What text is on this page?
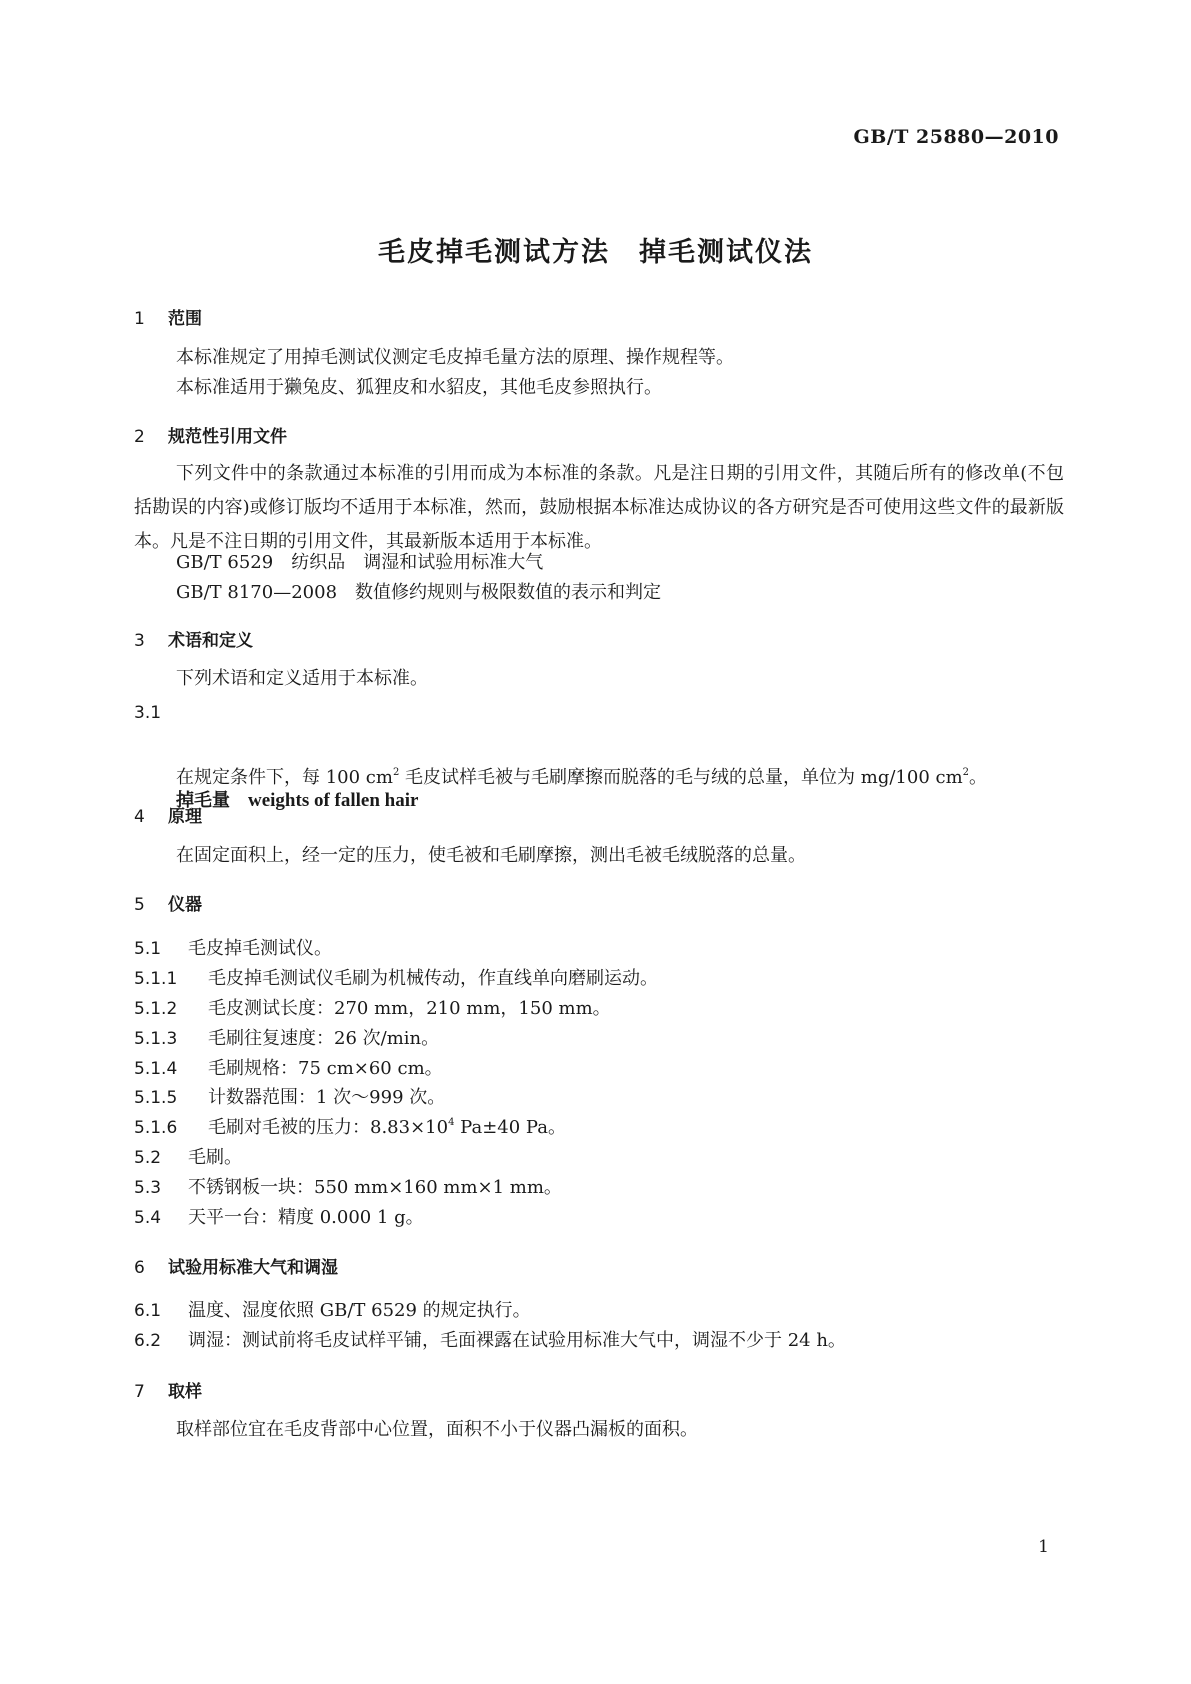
GB/T 25880—2010
毛皮掉毛测试方法　掉毛测试仪法
1 范围
本标准规定了用掉毛测试仪测定毛皮掉毛量方法的原理、操作规程等。
本标准适用于獭兔皮、狐狸皮和水貂皮，其他毛皮参照执行。
2 规范性引用文件
下列文件中的条款通过本标准的引用而成为本标准的条款。凡是注日期的引用文件，其随后所有的修改单(不包括勘误的内容)或修订版均不适用于本标准，然而，鼓励根据本标准达成协议的各方研究是否可使用这些文件的最新版本。凡是不注日期的引用文件，其最新版本适用于本标准。
GB/T 6529　纺织品　调湿和试验用标准大气
GB/T 8170—2008　数值修约规则与极限数值的表示和判定
3 术语和定义
下列术语和定义适用于本标准。
3.1
掉毛量　 weights of fallen hair
在规定条件下，每 100 $cm^2$ 毛皮试样毛被与毛刷摩擦而脱落的毛与绒的总量，单位为 mg/100 $cm^2$。
4 原理
在固定面积上，经一定的压力，使毛被和毛刷摩擦，测出毛被毛绒脱落的总量。
5 仪器
5.1 毛皮掉毛测试仪。
5.1.1 毛皮掉毛测试仪毛刷为机械传动，作直线单向磨刷运动。
5.1.2 毛皮测试长度：270 mm，210 mm，150 mm。
5.1.3 毛刷往复速度：26 次/min。
5.1.4 毛刷规格：75 cm×60 cm。
5.1.5 计数器范围：1 次～999 次。
5.1.6 毛刷对毛被的压力：$8.83\times 10^4$ Pa±40 Pa。
5.2 毛刷。
5.3 不锈钢板一块：550 mm×160 mm×1 mm。
5.4 天平一台：精度 0.000 1 g。
6 试验用标准大气和调湿
6.1 温度、湿度依照 GB/T 6529 的规定执行。
6.2 调湿：测试前将毛皮试样平铺，毛面裸露在试验用标准大气中，调湿不少于 24 h。
7 取样
取样部位宜在毛皮背部中心位置，面积不小于仪器凸漏板的面积。
1
